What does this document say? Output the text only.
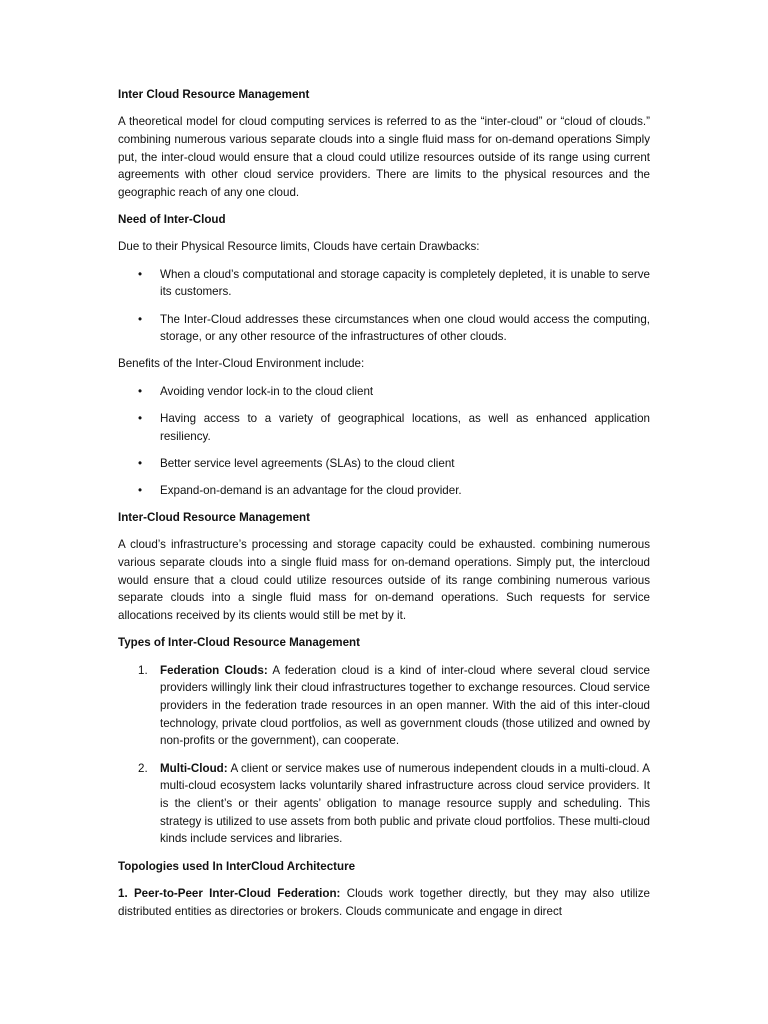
Inter Cloud Resource Management

A theoretical model for cloud computing services is referred to as the “inter-cloud” or “cloud of clouds.” combining numerous various separate clouds into a single fluid mass for on-demand operations Simply put, the inter-cloud would ensure that a cloud could utilize resources outside of its range using current agreements with other cloud service providers. There are limits to the physical resources and the geographic reach of any one cloud.

Need of Inter-Cloud

Due to their Physical Resource limits, Clouds have certain Drawbacks:

• When a cloud’s computational and storage capacity is completely depleted, it is unable to serve its customers.
• The Inter-Cloud addresses these circumstances when one cloud would access the computing, storage, or any other resource of the infrastructures of other clouds.

Benefits of the Inter-Cloud Environment include:

• Avoiding vendor lock-in to the cloud client
• Having access to a variety of geographical locations, as well as enhanced application resiliency.
• Better service level agreements (SLAs) to the cloud client
• Expand-on-demand is an advantage for the cloud provider.

Inter-Cloud Resource Management

A cloud’s infrastructure’s processing and storage capacity could be exhausted. combining numerous various separate clouds into a single fluid mass for on-demand operations. Simply put, the intercloud would ensure that a cloud could utilize resources outside of its range combining numerous various separate clouds into a single fluid mass for on-demand operations. Such requests for service allocations received by its clients would still be met by it.

Types of Inter-Cloud Resource Management

1. Federation Clouds: A federation cloud is a kind of inter-cloud where several cloud service providers willingly link their cloud infrastructures together to exchange resources. Cloud service providers in the federation trade resources in an open manner. With the aid of this inter-cloud technology, private cloud portfolios, as well as government clouds (those utilized and owned by non-profits or the government), can cooperate.
2. Multi-Cloud: A client or service makes use of numerous independent clouds in a multi-cloud. A multi-cloud ecosystem lacks voluntarily shared infrastructure across cloud service providers. It is the client’s or their agents’ obligation to manage resource supply and scheduling. This strategy is utilized to use assets from both public and private cloud portfolios. These multi-cloud kinds include services and libraries.

Topologies used In InterCloud Architecture

1. Peer-to-Peer Inter-Cloud Federation: Clouds work together directly, but they may also utilize distributed entities as directories or brokers. Clouds communicate and engage in direct
